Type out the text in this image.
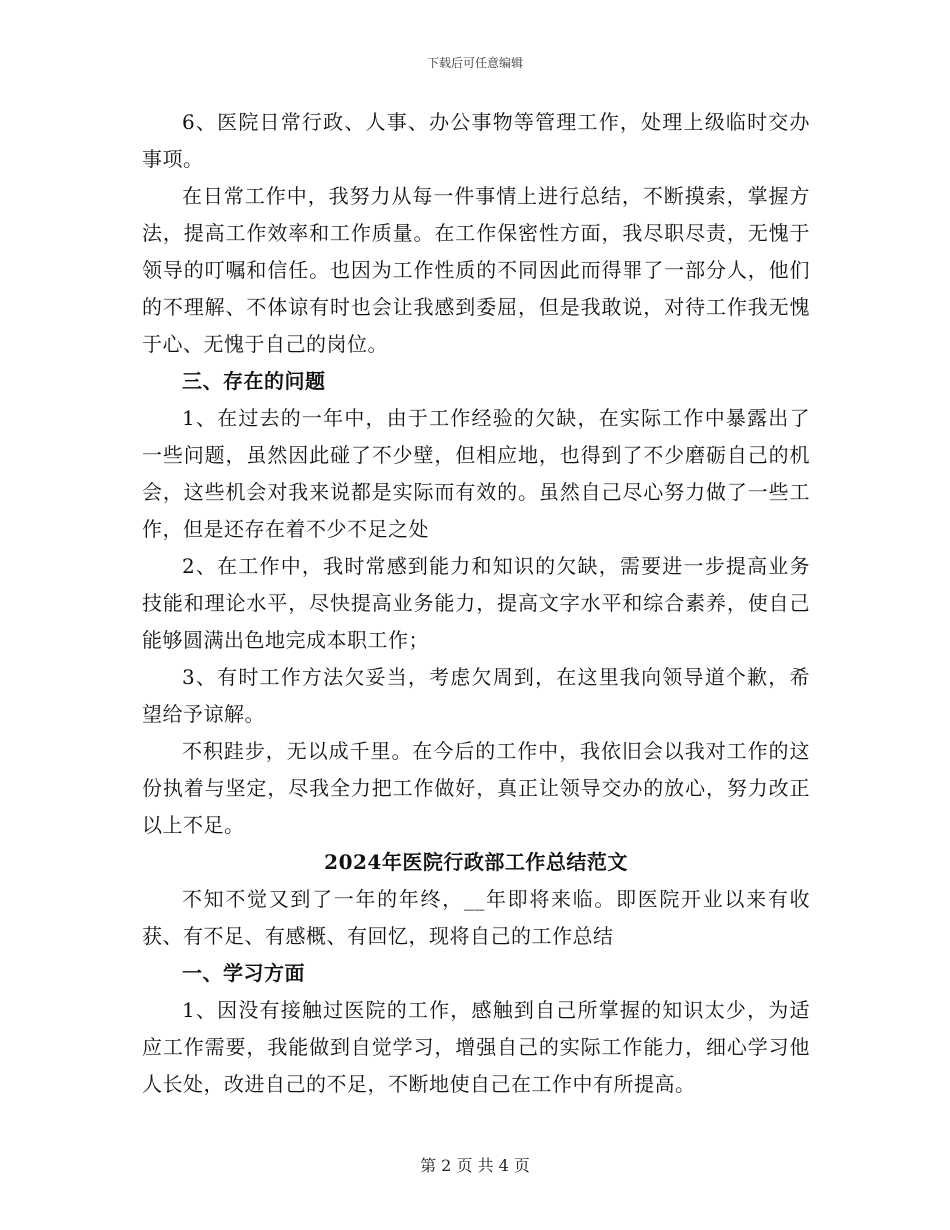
下载后可任意编辑

6、医院日常行政、人事、办公事物等管理工作，处理上级临时交办事项。

在日常工作中，我努力从每一件事情上进行总结，不断摸索，掌握方法，提高工作效率和工作质量。在工作保密性方面，我尽职尽责，无愧于领导的叮嘱和信任。也因为工作性质的不同因此而得罪了一部分人，他们的不理解、不体谅有时也会让我感到委屈，但是我敢说，对待工作我无愧于心、无愧于自己的岗位。

三、存在的问题

1、在过去的一年中，由于工作经验的欠缺，在实际工作中暴露出了一些问题，虽然因此碰了不少壁，但相应地，也得到了不少磨砺自己的机会，这些机会对我来说都是实际而有效的。虽然自己尽心努力做了一些工作，但是还存在着不少不足之处

2、在工作中，我时常感到能力和知识的欠缺，需要进一步提高业务技能和理论水平，尽快提高业务能力，提高文字水平和综合素养，使自己能够圆满出色地完成本职工作；

3、有时工作方法欠妥当，考虑欠周到，在这里我向领导道个歉，希望给予谅解。

不积跬步，无以成千里。在今后的工作中，我依旧会以我对工作的这份执着与坚定，尽我全力把工作做好，真正让领导交办的放心，努力改正以上不足。

2024年医院行政部工作总结范文

不知不觉又到了一年的年终，__年即将来临。即医院开业以来有收获、有不足、有感概、有回忆，现将自己的工作总结

一、学习方面

1、因没有接触过医院的工作，感触到自己所掌握的知识太少，为适应工作需要，我能做到自觉学习，增强自己的实际工作能力，细心学习他人长处，改进自己的不足，不断地使自己在工作中有所提高。

第 2 页 共 4 页
